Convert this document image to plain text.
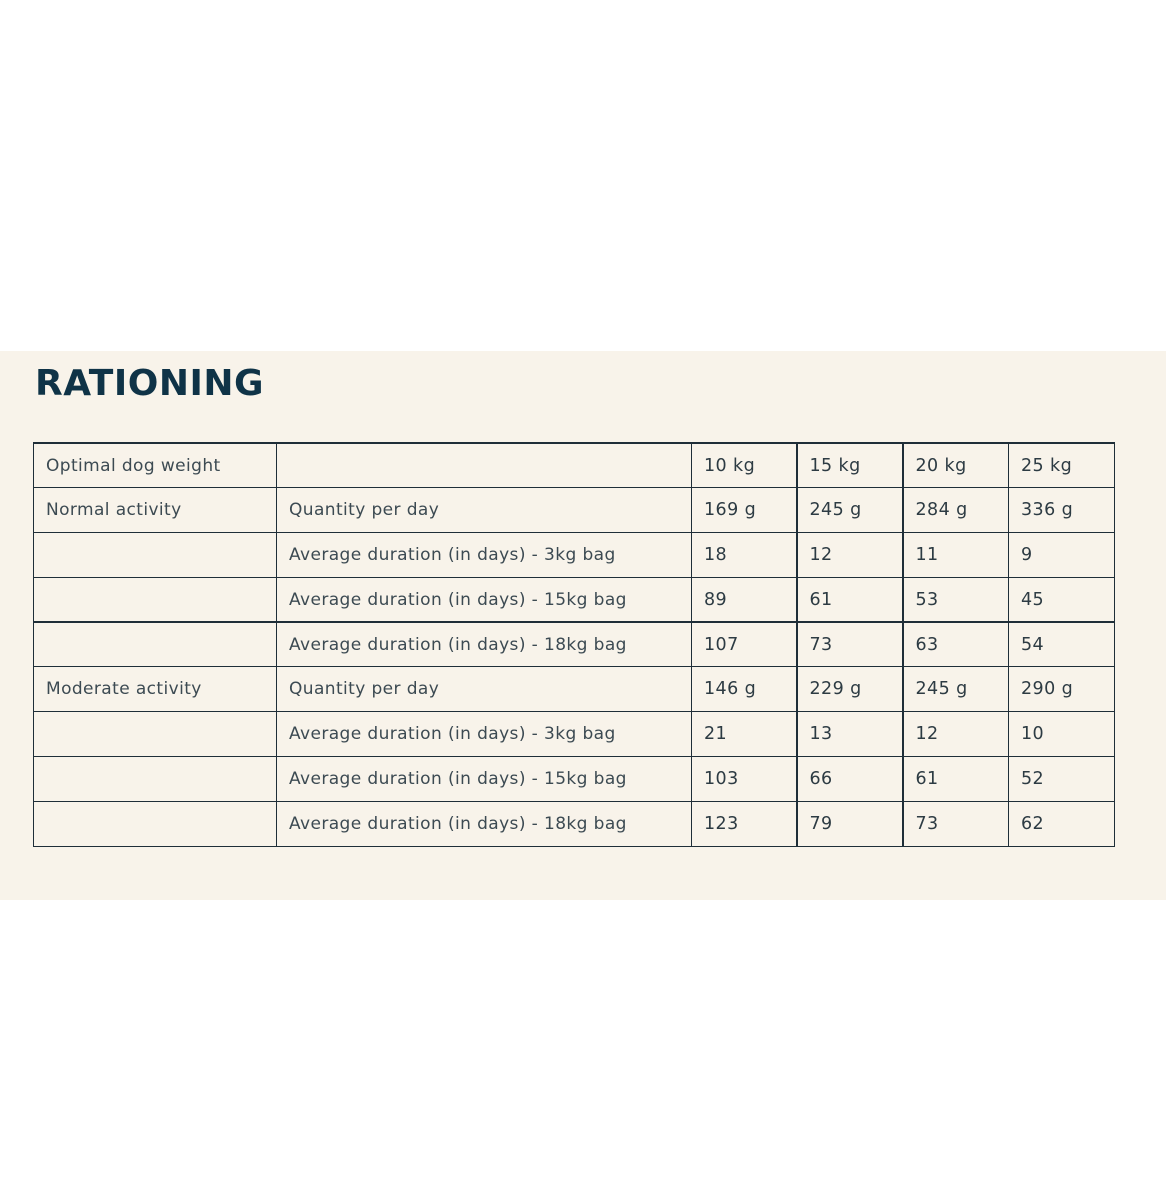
RATIONING
Optimal dog weight		10 kg	15 kg	20 kg	25 kg
Normal activity	Quantity per day	169 g	245 g	284 g	336 g
	Average duration (in days) - 3kg bag	18	12	11	9
	Average duration (in days) - 15kg bag	89	61	53	45
	Average duration (in days) - 18kg bag	107	73	63	54
Moderate activity	Quantity per day	146 g	229 g	245 g	290 g
	Average duration (in days) - 3kg bag	21	13	12	10
	Average duration (in days) - 15kg bag	103	66	61	52
	Average duration (in days) - 18kg bag	123	79	73	62
